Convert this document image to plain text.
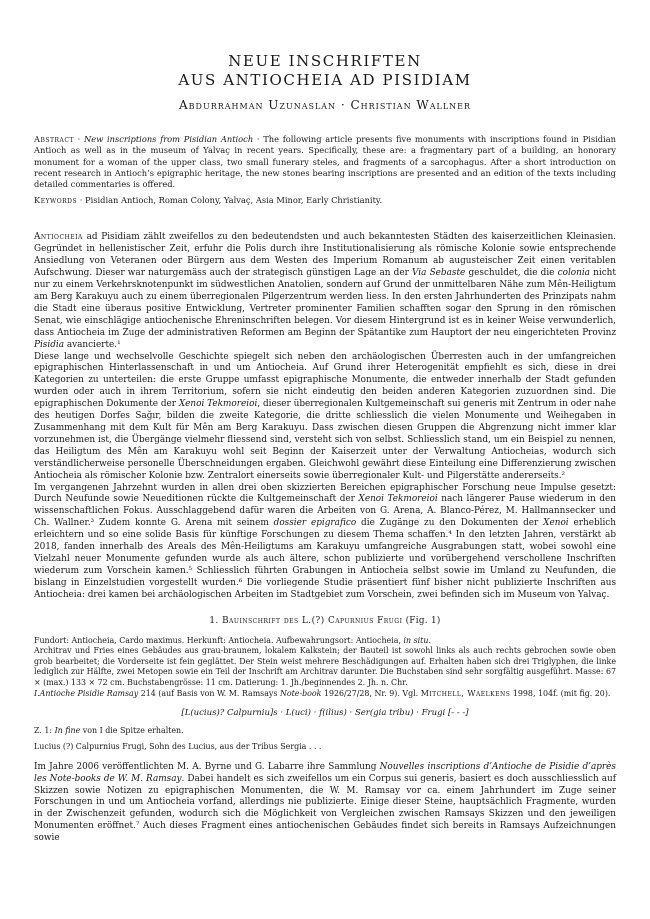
NEUE INSCHRIFTEN
AUS ANTIOCHEIA AD PISIDIAM
Abdurrahman Uzunaslan · Christian Wallner
Abstract · New inscriptions from Pisidian Antioch · The following article presents five monuments with inscriptions found in Pisidian Antioch as well as in the museum of Yalvaç in recent years. Specifically, these are: a fragmentary part of a building, an honorary monument for a woman of the upper class, two small funerary steles, and fragments of a sarcophagus. After a short introduction on recent research in Antioch’s epigraphic heritage, the new stones bearing inscriptions are presented and an edition of the texts including detailed commentaries is offered.
Keywords · Pisidian Antioch, Roman Colony, Yalvaç, Asia Minor, Early Christianity.

Antiocheia ad Pisidiam zählt zweifellos zu den bedeutendsten und auch bekanntesten Städten des kaiserzeitlichen Kleinasien. Gegründet in hellenistischer Zeit, erfuhr die Polis durch ihre Institutionalisierung als römische Kolonie sowie entsprechende Ansiedlung von Veteranen oder Bürgern aus dem Westen des Imperium Romanum ab augusteischer Zeit einen veritablen Aufschwung. Dieser war naturgemäss auch der strategisch günstigen Lage an der Via Sebaste geschuldet, die die colonia nicht nur zu einem Verkehrsknotenpunkt im südwestlichen Anatolien, sondern auf Grund der unmittelbaren Nähe zum Mên-Heiligtum am Berg Karakuyu auch zu einem überregionalen Pilgerzentrum werden liess. In den ersten Jahrhunderten des Prinzipats nahm die Stadt eine überaus positive Entwicklung, Vertreter prominenter Familien schafften sogar den Sprung in den römischen Senat, wie einschlägige antiochenische Ehreninschriften belegen. Vor diesem Hintergrund ist es in keiner Weise verwunderlich, dass Antiocheia im Zuge der administrativen Reformen am Beginn der Spätantike zum Hauptort der neu eingerichteten Provinz Pisidia avancierte.¹

Diese lange und wechselvolle Geschichte spiegelt sich neben den archäologischen Überresten auch in der umfangreichen epigraphischen Hinterlassenschaft in und um Antiocheia. Auf Grund ihrer Heterogenität empfiehlt es sich, diese in drei Kategorien zu unterteilen: die erste Gruppe umfasst epigraphische Monumente, die entweder innerhalb der Stadt gefunden wurden oder auch in ihrem Territorium, sofern sie nicht eindeutig den beiden anderen Kategorien zuzuordnen sind. Die epigraphischen Dokumente der Xenoi Tekmoreioi, dieser überregionalen Kultgemeinschaft sui generis mit Zentrum in oder nahe des heutigen Dorfes Sağır, bilden die zweite Kategorie, die dritte schliesslich die vielen Monumente und Weihegaben in Zusammenhang mit dem Kult für Mên am Berg Karakuyu. Dass zwischen diesen Gruppen die Abgrenzung nicht immer klar vorzunehmen ist, die Übergänge vielmehr fliessend sind, versteht sich von selbst. Schliesslich stand, um ein Beispiel zu nennen, das Heiligtum des Mên am Karakuyu wohl seit Beginn der Kaiserzeit unter der Verwaltung Antiocheias, wodurch sich verständlicherweise personelle Überschneidungen ergaben. Gleichwohl gewährt diese Einteilung eine Differenzierung zwischen Antiocheia als römischer Kolonie bzw. Zentralort einerseits sowie überregionaler Kult- und Pilgerstätte andererseits.²

Im vergangenen Jahrzehnt wurden in allen drei oben skizzierten Bereichen epigraphischer Forschung neue Impulse gesetzt: Durch Neufunde sowie Neueditionen rückte die Kultgemeinschaft der Xenoi Tekmoreioi nach längerer Pause wiederum in den wissenschaftlichen Fokus. Ausschlaggebend dafür waren die Arbeiten von G. Arena, A. Blanco-Pérez, M. Hallmannsecker und Ch. Wallner.³ Zudem konnte G. Arena mit seinem dossier epigrafico die Zugänge zu den Dokumenten der Xenoi erheblich erleichtern und so eine solide Basis für künftige Forschungen zu diesem Thema schaffen.⁴ In den letzten Jahren, verstärkt ab 2018, fanden innerhalb des Areals des Mên-Heiligtums am Karakuyu umfangreiche Ausgrabungen statt, wobei sowohl eine Vielzahl neuer Monumente gefunden wurde als auch ältere, schon publizierte und vorübergehend verschollene Inschriften wiederum zum Vorschein kamen.⁵ Schliesslich führten Grabungen in Antiocheia selbst sowie im Umland zu Neufunden, die bislang in Einzelstudien vorgestellt wurden.⁶ Die vorliegende Studie präsentiert fünf bisher nicht publizierte Inschriften aus Antiocheia: drei kamen bei archäologischen Arbeiten im Stadtgebiet zum Vorschein, zwei befinden sich im Museum von Yalvaç.

1. Bauinschrift des L.(?) Capurnius Frugi (Fig. 1)

Fundort: Antiocheia, Cardo maximus. Herkunft: Antiocheia. Aufbewahrungsort: Antiocheia, in situ.

Architrav und Fries eines Gebäudes aus grau-braunem, lokalem Kalkstein; der Bauteil ist sowohl links als auch rechts gebrochen sowie oben grob bearbeitet; die Vorderseite ist fein geglättet. Der Stein weist mehrere Beschädigungen auf. Erhalten haben sich drei Triglyphen, die linke lediglich zur Hälfte, zwei Metopen sowie ein Teil der Inschrift am Architrav darunter. Die Buchstaben sind sehr sorgfältig ausgeführt. Masse: 67 × (max.) 133 × 72 cm. Buchstabengrösse: 11 cm. Datierung: 1. Jh./beginnendes 2. Jh. n. Chr.

I.Antioche Pisidie Ramsay 214 (auf Basis von W. M. Ramsays Note-book 1926/27/28, Nr. 9). Vgl. Mitchell, Waelkens 1998, 104f. (mit fig. 20).

[L(ucius)? Calpurniu]s · L(uci) · f(ilius) · Ser(gia tribu) · Frugi [- - -]

Z. 1: In fine von I die Spitze erhalten.

Lucius (?) Calpurnius Frugi, Sohn des Lucius, aus der Tribus Sergia . . .

Im Jahre 2006 veröffentlichten M. A. Byrne und G. Labarre ihre Sammlung Nouvelles inscriptions d’Antioche de Pisidie d’après les Note-books de W. M. Ramsay. Dabei handelt es sich zweifellos um ein Corpus sui generis, basiert es doch ausschliesslich auf Skizzen sowie Notizen zu epigraphischen Monumenten, die W. M. Ramsay vor ca. einem Jahrhundert im Zuge seiner Forschungen in und um Antiocheia vorfand, allerdings nie publizierte. Einige dieser Steine, hauptsächlich Fragmente, wurden in der Zwischenzeit gefunden, wodurch sich die Möglichkeit von Vergleichen zwischen Ramsays Skizzen und den jeweiligen Monumenten eröffnet.⁷ Auch dieses Fragment eines antiochenischen Gebäudes findet sich bereits in Ramsays Aufzeichnungen sowie
